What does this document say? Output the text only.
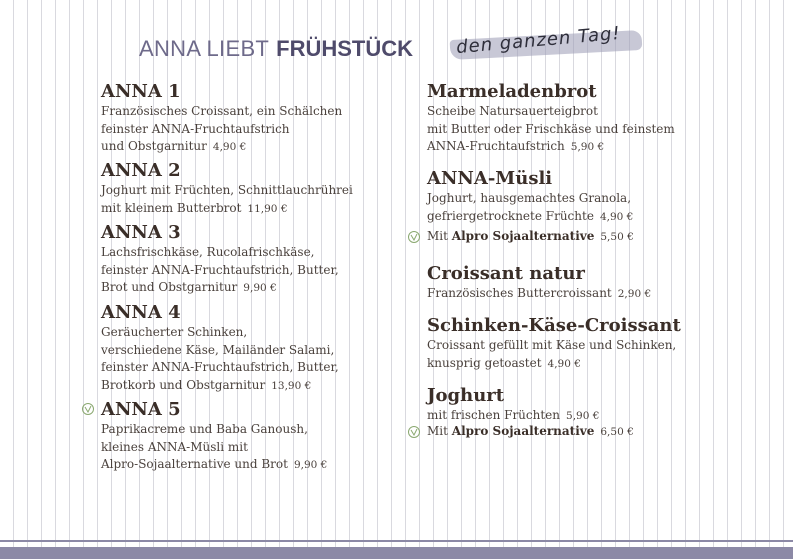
ANNA LIEBT FRÜHSTÜCK den ganzen Tag!
ANNA 1
Französisches Croissant, ein Schälchen
feinster ANNA-Fruchtaufstrich
und Obstgarnitur 4,90 €
ANNA 2
Joghurt mit Früchten, Schnittlauchrührei
mit kleinem Butterbrot 11,90 €
ANNA 3
Lachsfrischkäse, Rucolafrischkäse,
feinster ANNA-Fruchtaufstrich, Butter,
Brot und Obstgarnitur 9,90 €
ANNA 4
Geräucherter Schinken,
verschiedene Käse, Mailänder Salami,
feinster ANNA-Fruchtaufstrich, Butter,
Brotkorb und Obstgarnitur 13,90 €
ANNA 5
Paprikacreme und Baba Ganoush,
kleines ANNA-Müsli mit
Alpro-Sojaalternative und Brot 9,90 €
Marmeladenbrot
Scheibe Natursauerteigbrot
mit Butter oder Frischkäse und feinstem
ANNA-Fruchtaufstrich 5,90 €
ANNA-Müsli
Joghurt, hausgemachtes Granola,
gefriergetrocknete Früchte 4,90 €
Mit Alpro Sojaalternative 5,50 €
Croissant natur
Französisches Buttercroissant 2,90 €
Schinken-Käse-Croissant
Croissant gefüllt mit Käse und Schinken,
knusprig getoastet 4,90 €
Joghurt
mit frischen Früchten 5,90 €
Mit Alpro Sojaalternative 6,50 €
